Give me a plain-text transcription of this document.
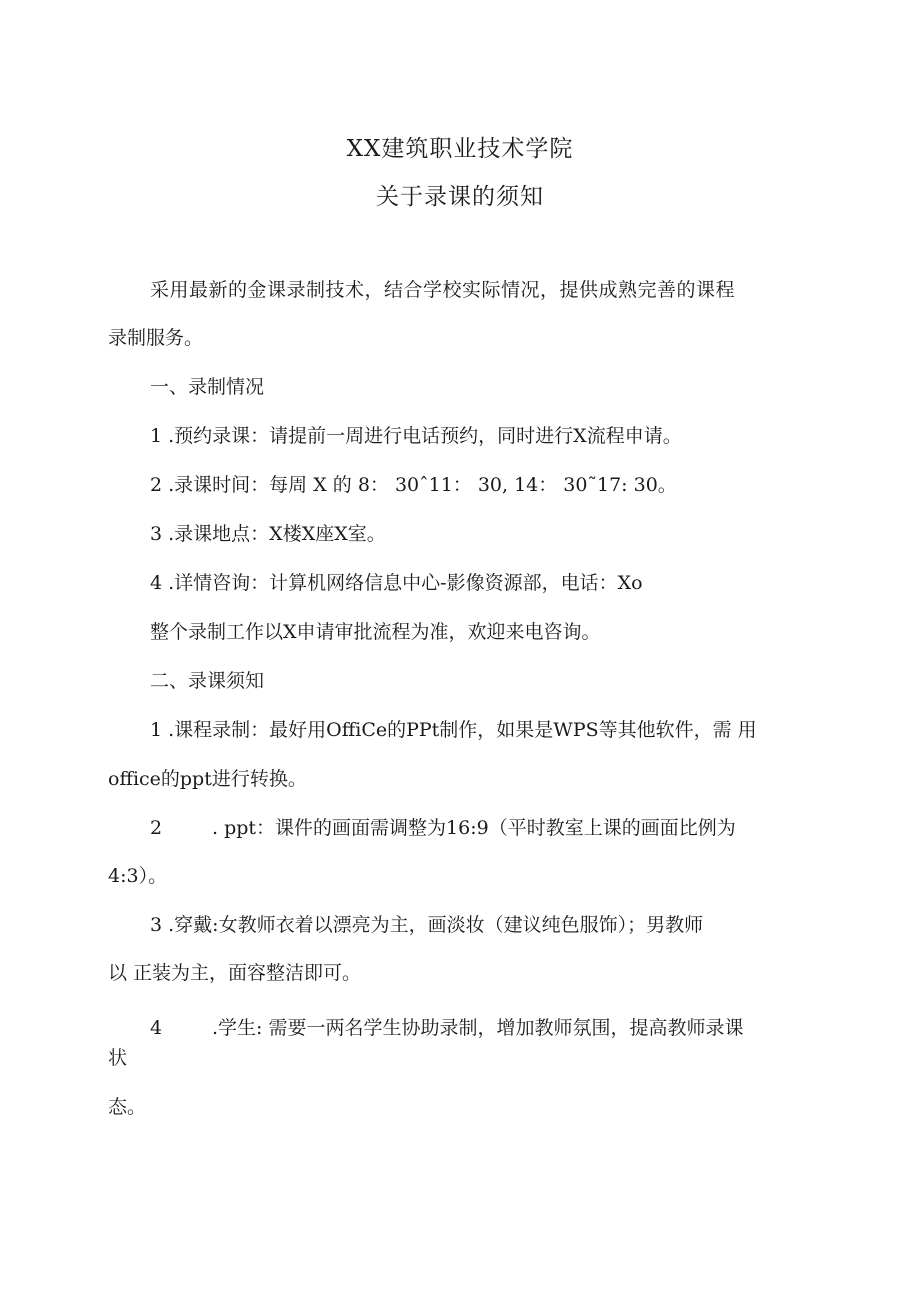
XX建筑职业技术学院
关于录课的须知
采用最新的金课录制技术，结合学校实际情况，提供成熟完善的课程
录制服务。
一、录制情况
1 .预约录课：请提前一周进行电话预约，同时进行X流程申请。
2 .录课时间：每周 X 的 8： 30ˆ11： 30, 14： 30˜17: 30。
3 .录课地点：X楼X座X室。
4 .详情咨询：计算机网络信息中心-影像资源部，电话：Xo
整个录制工作以X申请审批流程为准，欢迎来电咨询。
二、录课须知
1 .课程录制：最好用OffiCe的PPt制作，如果是WPS等其他软件，需 用
office的ppt进行转换。
2	. ppt：课件的画面需调整为16:9（平时教室上课的画面比例为
4:3）。
3 .穿戴:女教师衣着以漂亮为主，画淡妆（建议纯色服饰）；男教师
以 正装为主，面容整洁即可。
4	.学生: 需要一两名学生协助录制，增加教师氛围，提高教师录课
状
态。
